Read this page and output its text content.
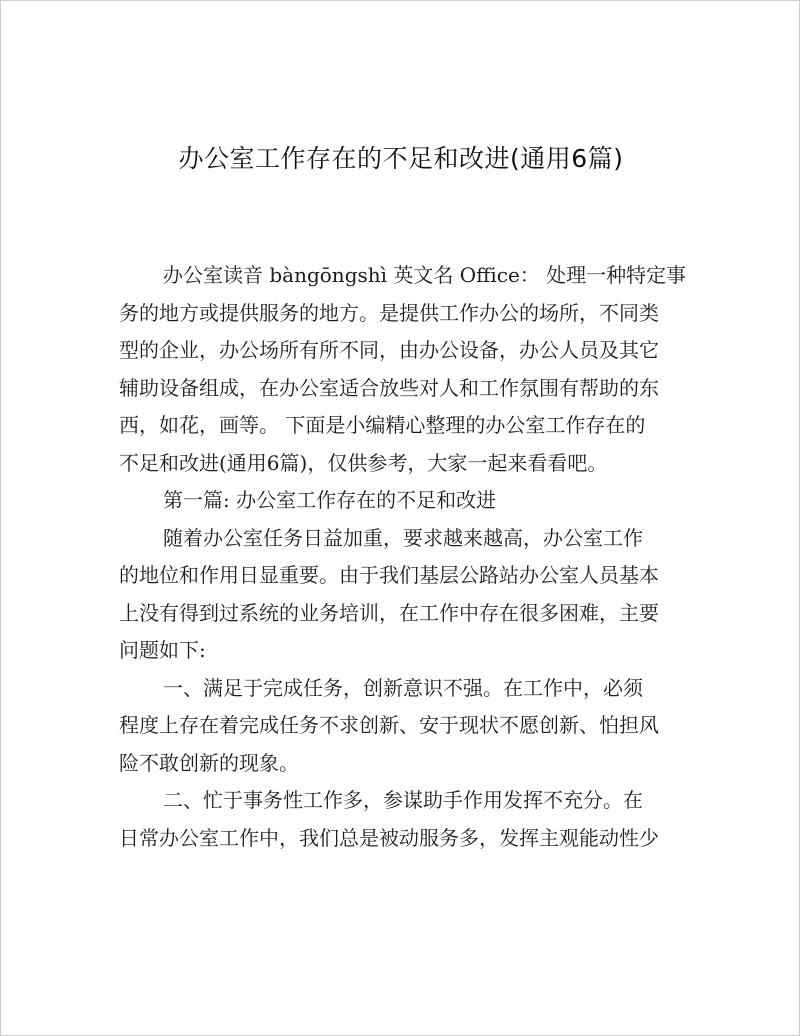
办公室工作存在的不足和改进(通用6篇)
办公室读音 bàngōngshì 英文名 Office： 处理一种特定事
务的地方或提供服务的地方。是提供工作办公的场所，不同类
型的企业，办公场所有所不同，由办公设备，办公人员及其它
辅助设备组成，在办公室适合放些对人和工作氛围有帮助的东
西，如花，画等。 下面是小编精心整理的办公室工作存在的
不足和改进(通用6篇)，仅供参考，大家一起来看看吧。
第一篇: 办公室工作存在的不足和改进
随着办公室任务日益加重，要求越来越高，办公室工作
的地位和作用日显重要。由于我们基层公路站办公室人员基本
上没有得到过系统的业务培训，在工作中存在很多困难，主要
问题如下:
一、满足于完成任务，创新意识不强。在工作中，必须
程度上存在着完成任务不求创新、安于现状不愿创新、怕担风
险不敢创新的现象。
二、忙于事务性工作多，参谋助手作用发挥不充分。在
日常办公室工作中，我们总是被动服务多，发挥主观能动性少
